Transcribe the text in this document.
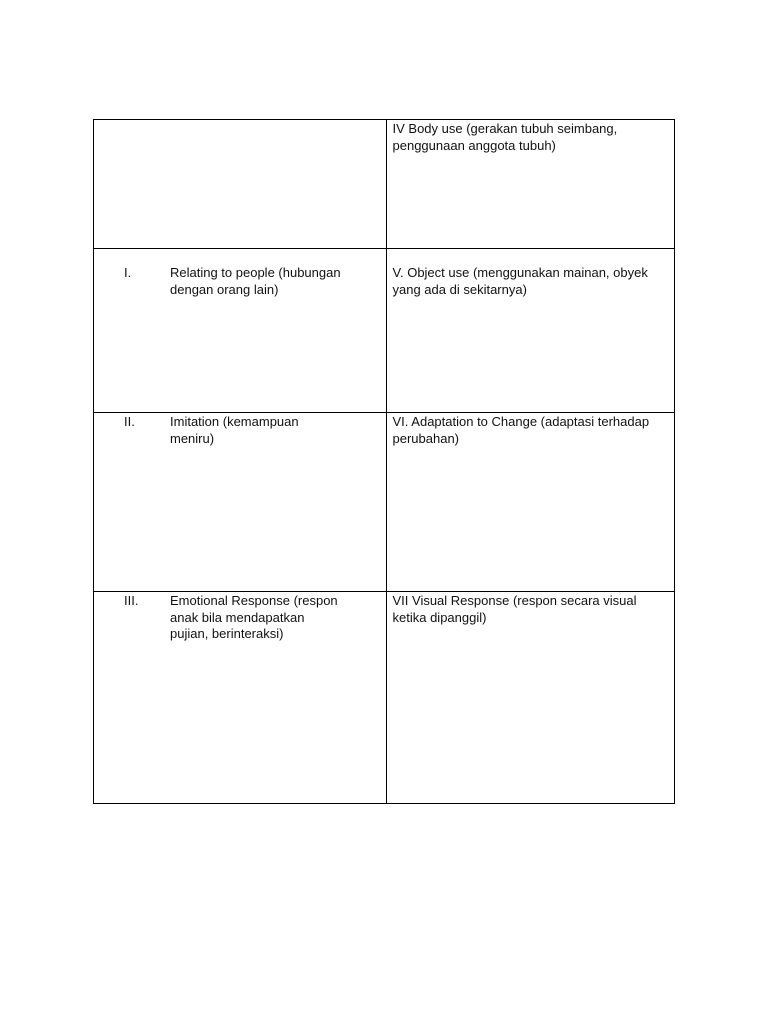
	IV Body use (gerakan tubuh seimbang, penggunaan anggota tubuh)

I. Relating to people (hubungan dengan orang lain)	V. Object use (menggunakan mainan, obyek yang ada di sekitarnya)

II. Imitation (kemampuan meniru)	VI. Adaptation to Change (adaptasi terhadap perubahan)

III. Emotional Response (respon anak bila mendapatkan pujian, berinteraksi)	VII Visual Response (respon secara visual ketika dipanggil)
